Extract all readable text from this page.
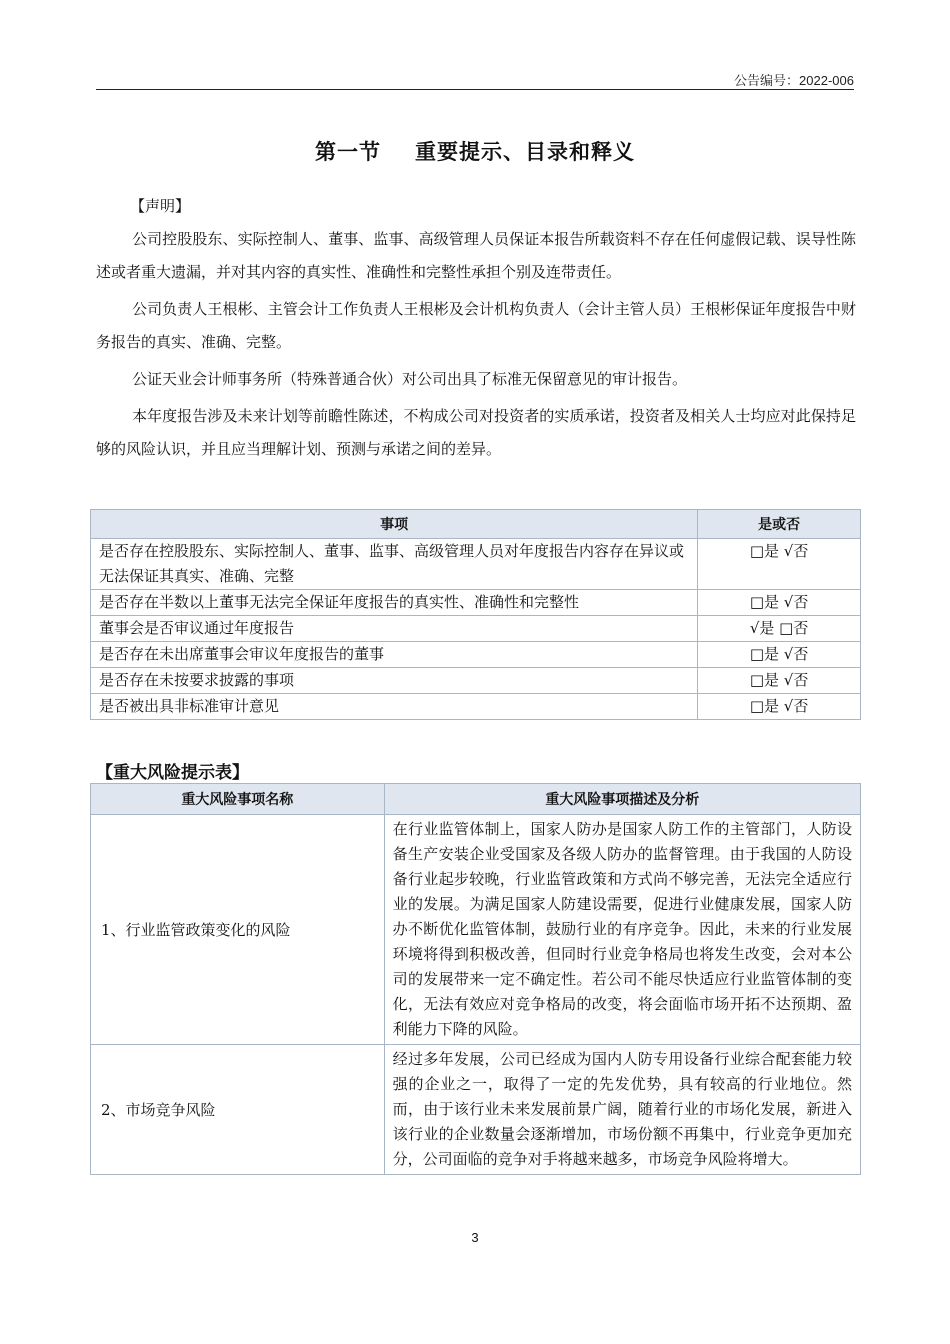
公告编号：2022-006
第一节 重要提示、目录和释义
【声明】

公司控股股东、实际控制人、董事、监事、高级管理人员保证本报告所载资料不存在任何虚假记载、误导性陈述或者重大遗漏，并对其内容的真实性、准确性和完整性承担个别及连带责任。

公司负责人王根彬、主管会计工作负责人王根彬及会计机构负责人（会计主管人员）王根彬保证年度报告中财务报告的真实、准确、完整。

公证天业会计师事务所（特殊普通合伙）对公司出具了标准无保留意见的审计报告。

本年度报告涉及未来计划等前瞻性陈述，不构成公司对投资者的实质承诺，投资者及相关人士均应对此保持足够的风险认识，并且应当理解计划、预测与承诺之间的差异。

事项	是或否
是否存在控股股东、实际控制人、董事、监事、高级管理人员对年度报告内容存在异议或无法保证其真实、准确、完整	□是 √否
是否存在半数以上董事无法完全保证年度报告的真实性、准确性和完整性	□是 √否
董事会是否审议通过年度报告	√是 □否
是否存在未出席董事会审议年度报告的董事	□是 √否
是否存在未按要求披露的事项	□是 √否
是否被出具非标准审计意见	□是 √否
【重大风险提示表】
重大风险事项名称	重大风险事项描述及分析
1、行业监管政策变化的风险	在行业监管体制上，国家人防办是国家人防工作的主管部门，人防设备生产安装企业受国家及各级人防办的监督管理。由于我国的人防设备行业起步较晚，行业监管政策和方式尚不够完善，无法完全适应行业的发展。为满足国家人防建设需要，促进行业健康发展，国家人防办不断优化监管体制，鼓励行业的有序竞争。因此，未来的行业发展环境将得到积极改善，但同时行业竞争格局也将发生改变，会对本公司的发展带来一定不确定性。若公司不能尽快适应行业监管体制的变化，无法有效应对竞争格局的改变，将会面临市场开拓不达预期、盈利能力下降的风险。
2、市场竞争风险	经过多年发展，公司已经成为国内人防专用设备行业综合配套能力较强的企业之一，取得了一定的先发优势，具有较高的行业地位。然而，由于该行业未来发展前景广阔，随着行业的市场化发展，新进入该行业的企业数量会逐渐增加，市场份额不再集中，行业竞争更加充分，公司面临的竞争对手将越来越多，市场竞争风险将增大。
3
